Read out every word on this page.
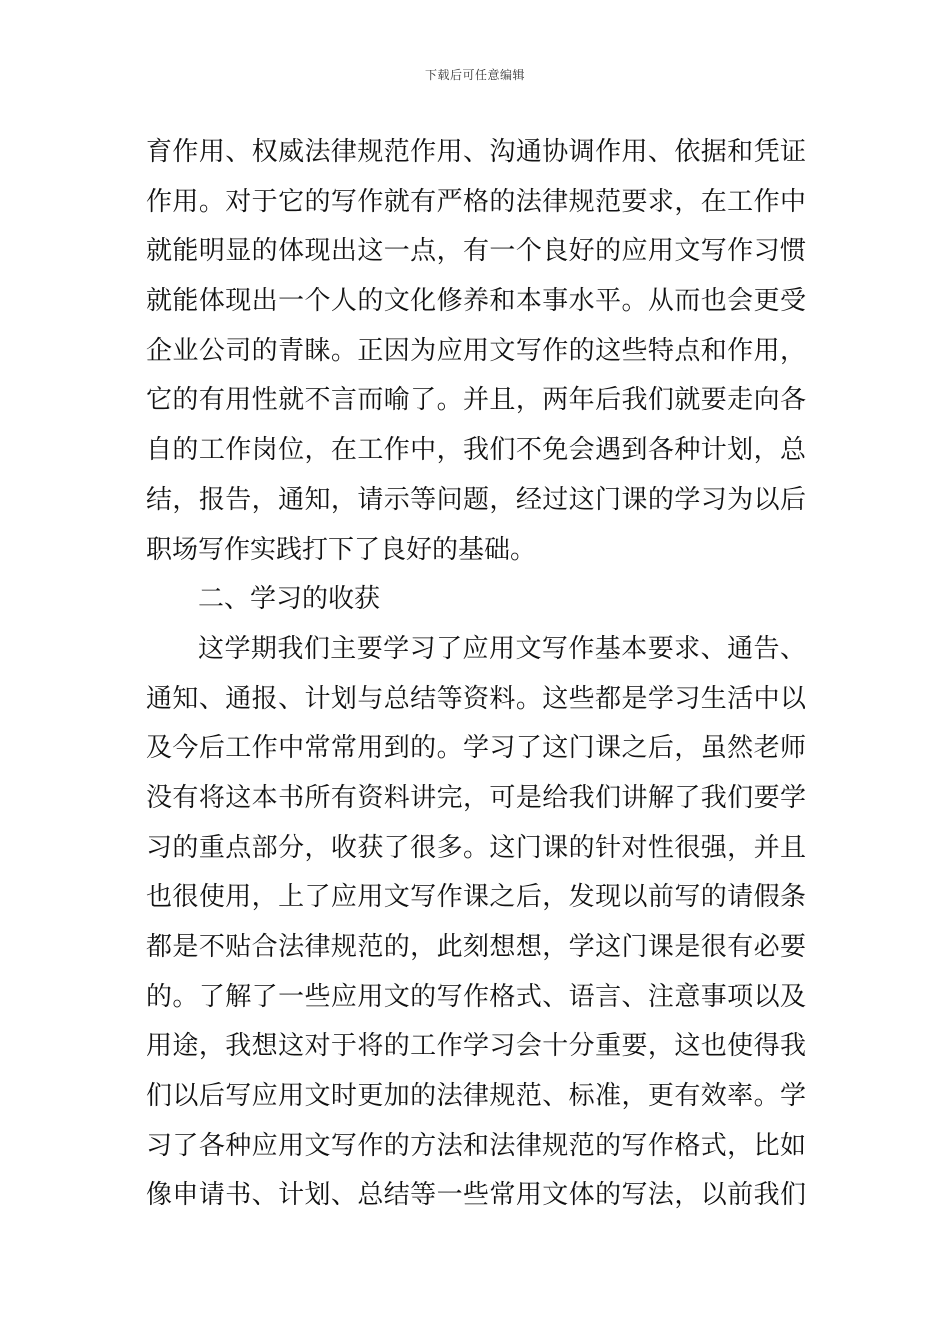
下载后可任意编辑
育作用、权威法律规范作用、沟通协调作用、依据和凭证
作用。对于它的写作就有严格的法律规范要求，在工作中
就能明显的体现出这一点，有一个良好的应用文写作习惯
就能体现出一个人的文化修养和本事水平。从而也会更受
企业公司的青睐。正因为应用文写作的这些特点和作用，
它的有用性就不言而喻了。并且，两年后我们就要走向各
自的工作岗位，在工作中，我们不免会遇到各种计划，总
结，报告，通知，请示等问题，经过这门课的学习为以后
职场写作实践打下了良好的基础。
二、学习的收获
这学期我们主要学习了应用文写作基本要求、通告、
通知、通报、计划与总结等资料。这些都是学习生活中以
及今后工作中常常用到的。学习了这门课之后，虽然老师
没有将这本书所有资料讲完，可是给我们讲解了我们要学
习的重点部分，收获了很多。这门课的针对性很强，并且
也很使用，上了应用文写作课之后，发现以前写的请假条
都是不贴合法律规范的，此刻想想，学这门课是很有必要
的。了解了一些应用文的写作格式、语言、注意事项以及
用途，我想这对于将的工作学习会十分重要，这也使得我
们以后写应用文时更加的法律规范、标准，更有效率。学
习了各种应用文写作的方法和法律规范的写作格式，比如
像申请书、计划、总结等一些常用文体的写法，以前我们
